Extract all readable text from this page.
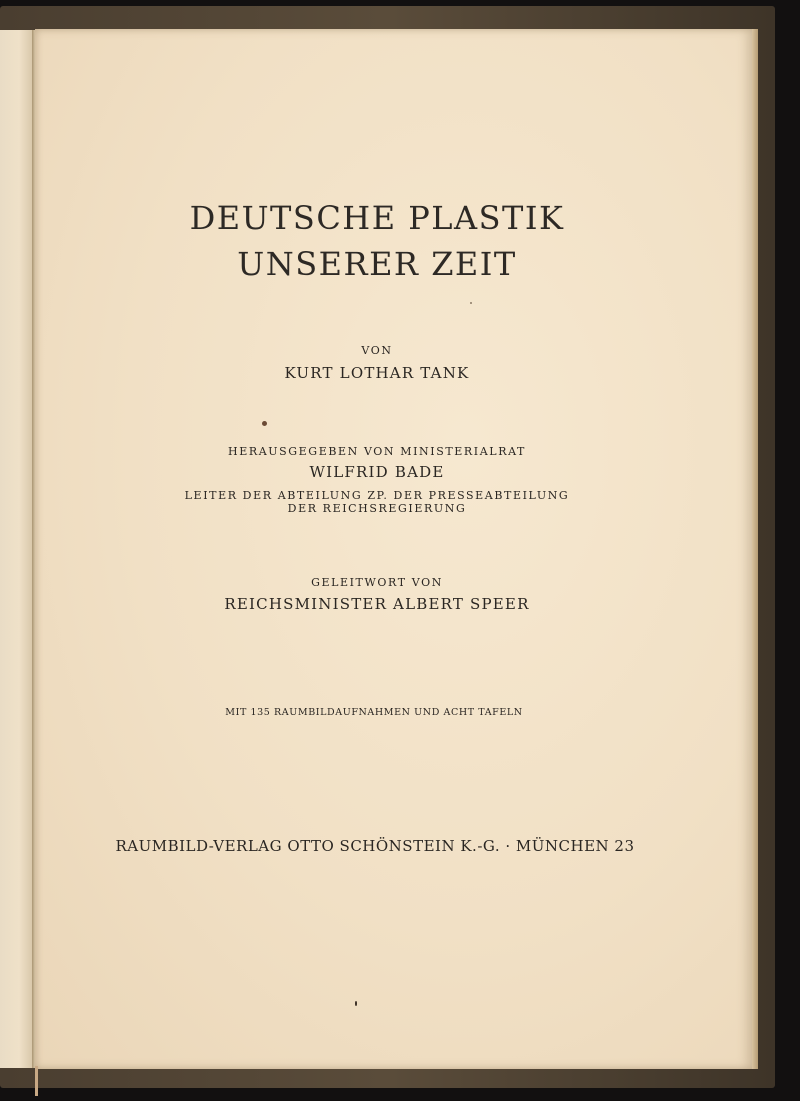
DEUTSCHE PLASTIK

UNSERER ZEIT

VON

KURT LOTHAR TANK

HERAUSGEGEBEN VON MINISTERIALRAT

WILFRID BADE

LEITER DER ABTEILUNG ZP. DER PRESSEABTEILUNG

DER REICHSREGIERUNG

GELEITWORT VON

REICHSMINISTER ALBERT SPEER

MIT 135 RAUMBILDAUFNAHMEN UND ACHT TAFELN

RAUMBILD-VERLAG OTTO SCHÖNSTEIN K.-G. · MÜNCHEN 23
